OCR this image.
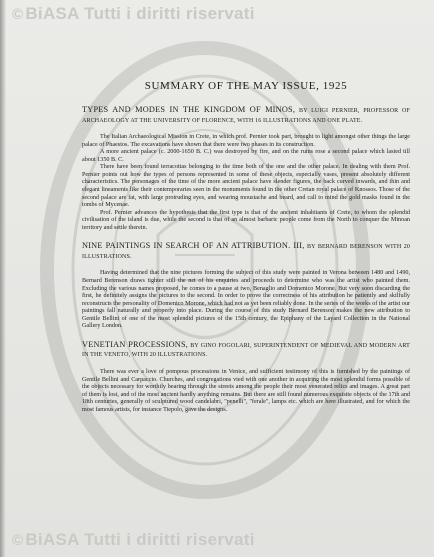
© BiASA Tutti i diritti riservati
© BiASA Tutti i diritti riservati
SUMMARY OF THE MAY ISSUE, 1925

TYPES AND MODES IN THE KINGDOM OF MINOS, BY LUIGI PERNIER, PROFESSOR OF ARCHAEOLOGY AT THE UNIVERSITY OF FLORENCE, WITH 16 ILLUSTRATIONS AND ONE PLATE.

The Italian Archaeological Mission in Crete, in which prof. Pernier took part, brought to light amongst other things the large palace of Phaestos. The excavations have shown that there were two phases in its construction.

A more ancient palace (c. 2000-1650 B. C.) was destroyed by fire, and on the ruins rose a second palace which lasted till about 1350 B. C.

There have been found terracottas belonging to the time both of the one and the other palace. In dealing with them Prof. Pernier points out how the types of persons represented in some of these objects, especially vases, present absolutely different characteristics. The personages of the time of the more ancient palace have slender figures, the back curved inwards, and thin and elegant lineaments like their contemporaries seen in the monuments found in the other Cretan royal palace of Knossos. Those of the second palace are fat, with large protruding eyes, and wearing moustache and beard, and call to mind the gold masks found in the tombs of Mycenae.

Prof. Pernier advances the hypothesis that the first type is that of the ancient inhabitants of Crete, to whom the splendid civilisation of the island is due, while the second is that of an almost barbaric people come from the North to conquer the Minoan territory and settle therein.

NINE PAINTINGS IN SEARCH OF AN ATTRIBUTION. III, BY BERNARD BERENSON WITH 20 ILLUSTRATIONS.

Having determined that the nine pictures forming the subject of this study were painted in Verona between 1480 and 1490, Bernard Berenson draws tighter still the net of his enquiries and proceeds to determine who was the artist who painted them. Excluding the various names proposed, he comes to a pause at two, Benaglio and Domenico Morone. But very soon discarding the first, he definitely assigns the pictures to the second. In order to prove the correctness of his attribution he patiently and skilfully reconstructs the personality of Domenico Morone, which had not as yet been reliably done. In the series of the works of the artist our paintings fall naturally and properly into place. During the course of this study Bernard Berenson makes the new attribution to Gentile Bellini of one of the most splendid pictures of the 15th century, the Epiphany of the Layard Collection in the National Gallery London.

VENETIAN PROCESSIONS, BY GINO FOGOLARI, SUPERINTENDENT OF MEDIEVAL AND MODERN ART IN THE VENETO, WITH 20 ILLUSTRATIONS.

There was ever a love of pompous processions in Venice, and sufficient testimony of this is furnished by the paintings of Gentile Bellini and Carpaccio. Churches, and congregations vied with one another in acquiring the most splendid forms possible of the objects necessary for worthily bearing through the streets among the people their most venerated relics and images. A great part of them is lost, and of the most ancient hardly anything remains. But there are still found numerous exquisite objects of the 17th and 18th centuries, generally of sculptured wood candelabri, "penelli", "ferale", lamps etc. which are here illustrated, and for which the most famous artists, for instance Tiepolo, gave the designs.
